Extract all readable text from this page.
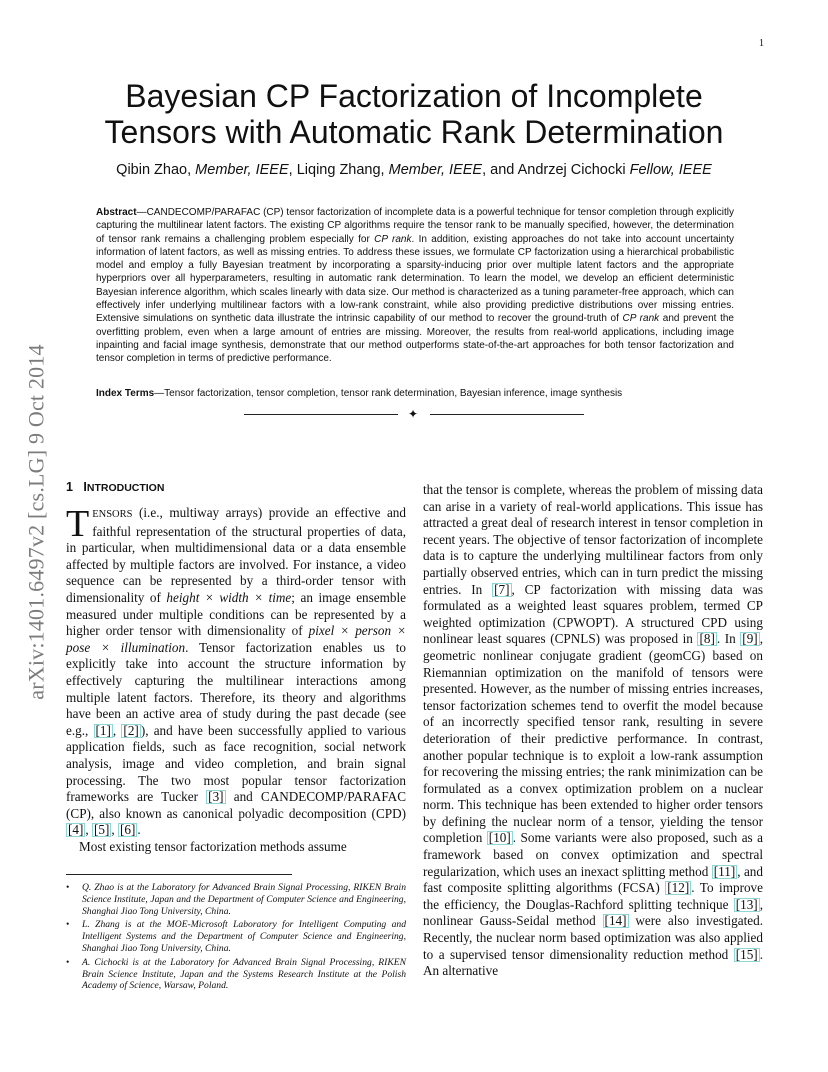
1
arXiv:1401.6497v2 [cs.LG] 9 Oct 2014
Bayesian CP Factorization of Incomplete
Tensors with Automatic Rank Determination
Qibin Zhao, Member, IEEE, Liqing Zhang, Member, IEEE, and Andrzej Cichocki Fellow, IEEE

Abstract—CANDECOMP/PARAFAC (CP) tensor factorization of incomplete data is a powerful technique for tensor completion through explicitly capturing the multilinear latent factors. The existing CP algorithms require the tensor rank to be manually specified, however, the determination of tensor rank remains a challenging problem especially for CP rank. In addition, existing approaches do not take into account uncertainty information of latent factors, as well as missing entries. To address these issues, we formulate CP factorization using a hierarchical probabilistic model and employ a fully Bayesian treatment by incorporating a sparsity-inducing prior over multiple latent factors and the appropriate hyperpriors over all hyperparameters, resulting in automatic rank determination. To learn the model, we develop an efficient deterministic Bayesian inference algorithm, which scales linearly with data size. Our method is characterized as a tuning parameter-free approach, which can effectively infer underlying multilinear factors with a low-rank constraint, while also providing predictive distributions over missing entries. Extensive simulations on synthetic data illustrate the intrinsic capability of our method to recover the ground-truth of CP rank and prevent the overfitting problem, even when a large amount of entries are missing. Moreover, the results from real-world applications, including image inpainting and facial image synthesis, demonstrate that our method outperforms state-of-the-art approaches for both tensor factorization and tensor completion in terms of predictive performance.

Index Terms—Tensor factorization, tensor completion, tensor rank determination, Bayesian inference, image synthesis

✦
1 INTRODUCTION

TENSORS (i.e., multiway arrays) provide an effective and faithful representation of the structural properties of data, in particular, when multidimensional data or a data ensemble affected by multiple factors are involved. For instance, a video sequence can be represented by a third-order tensor with dimensionality of height × width × time; an image ensemble measured under multiple conditions can be represented by a higher order tensor with dimensionality of pixel × person × pose × illumination. Tensor factorization enables us to explicitly take into account the structure information by effectively capturing the multilinear interactions among multiple latent factors. Therefore, its theory and algorithms have been an active area of study during the past decade (see e.g., [1] , [2] ), and have been successfully applied to various application fields, such as face recognition, social network analysis, image and video completion, and brain signal processing. The two most popular tensor factorization frameworks are Tucker [3] and CANDECOMP/PARAFAC (CP), also known as canonical polyadic decomposition (CPD) [4] , [5] , [6] .

Most existing tensor factorization methods assume

that the tensor is complete, whereas the problem of missing data can arise in a variety of real-world applications. This issue has attracted a great deal of research interest in tensor completion in recent years. The objective of tensor factorization of incomplete data is to capture the underlying multilinear factors from only partially observed entries, which can in turn predict the missing entries. In [7] , CP factorization with missing data was formulated as a weighted least squares problem, termed CP weighted optimization (CPWOPT). A structured CPD using nonlinear least squares (CPNLS) was proposed in [8] . In [9] , geometric nonlinear conjugate gradient (geomCG) based on Riemannian optimization on the manifold of tensors were presented. However, as the number of missing entries increases, tensor factorization schemes tend to overfit the model because of an incorrectly specified tensor rank, resulting in severe deterioration of their predictive performance. In contrast, another popular technique is to exploit a low-rank assumption for recovering the missing entries; the rank minimization can be formulated as a convex optimization problem on a nuclear norm. This technique has been extended to higher order tensors by defining the nuclear norm of a tensor, yielding the tensor completion [10] . Some variants were also proposed, such as a framework based on convex optimization and spectral regularization, which uses an inexact splitting method [11] , and fast composite splitting algorithms (FCSA) [12] . To improve the efficiency, the Douglas-Rachford splitting technique [13] , nonlinear Gauss-Seidal method [14] were also investigated. Recently, the nuclear norm based optimization was also applied to a supervised tensor dimensionality reduction method [15] . An alternative

• Q. Zhao is at the Laboratory for Advanced Brain Signal Processing, RIKEN Brain Science Institute, Japan and the Department of Computer Science and Engineering, Shanghai Jiao Tong University, China.
• L. Zhang is at the MOE-Microsoft Laboratory for Intelligent Computing and Intelligent Systems and the Department of Computer Science and Engineering, Shanghai Jiao Tong University, China.
• A. Cichocki is at the Laboratory for Advanced Brain Signal Processing, RIKEN Brain Science Institute, Japan and the Systems Research Institute at the Polish Academy of Science, Warsaw, Poland.
